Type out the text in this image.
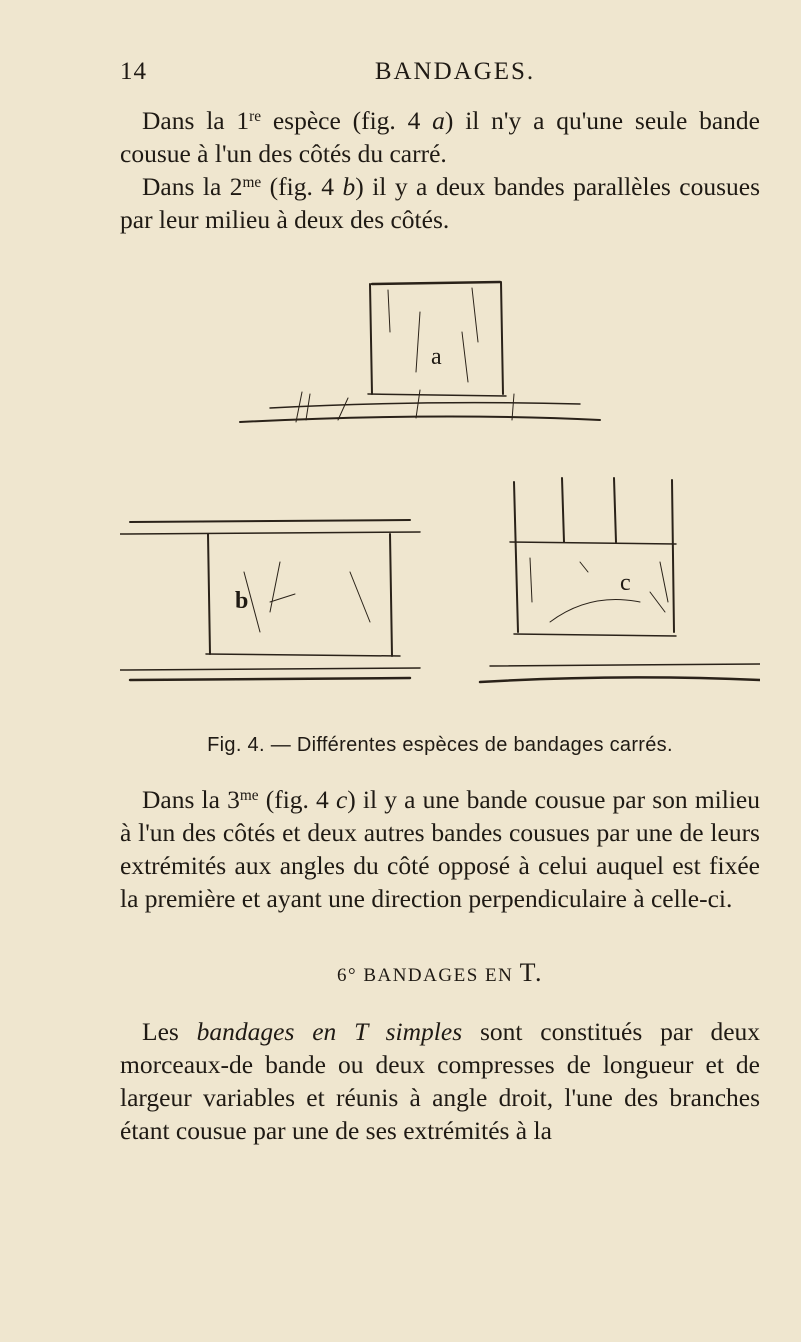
14	BANDAGES.

Dans la 1re espèce (fig. 4 a) il n'y a qu'une seule bande cousue à l'un des côtés du carré.

Dans la $2^{me}$ (fig. 4 b) il y a deux bandes parallèles cousues par leur milieu à deux des côtés.

a
b
c
Fig. 4. — Différentes espèces de bandages carrés.

Dans la $3^{me}$ (fig. 4 c) il y a une bande cousue par son milieu à l'un des côtés et deux autres bandes cousues par une de leurs extrémités aux angles du côté opposé à celui auquel est fixée la première et ayant une direction perpendiculaire à celle-ci.

6° BANDAGES EN T.

Les bandages en T simples sont constitués par deux morceaux-de bande ou deux compresses de longueur et de largeur variables et réunis à angle droit, l'une des branches étant cousue par une de ses extrémités à la
